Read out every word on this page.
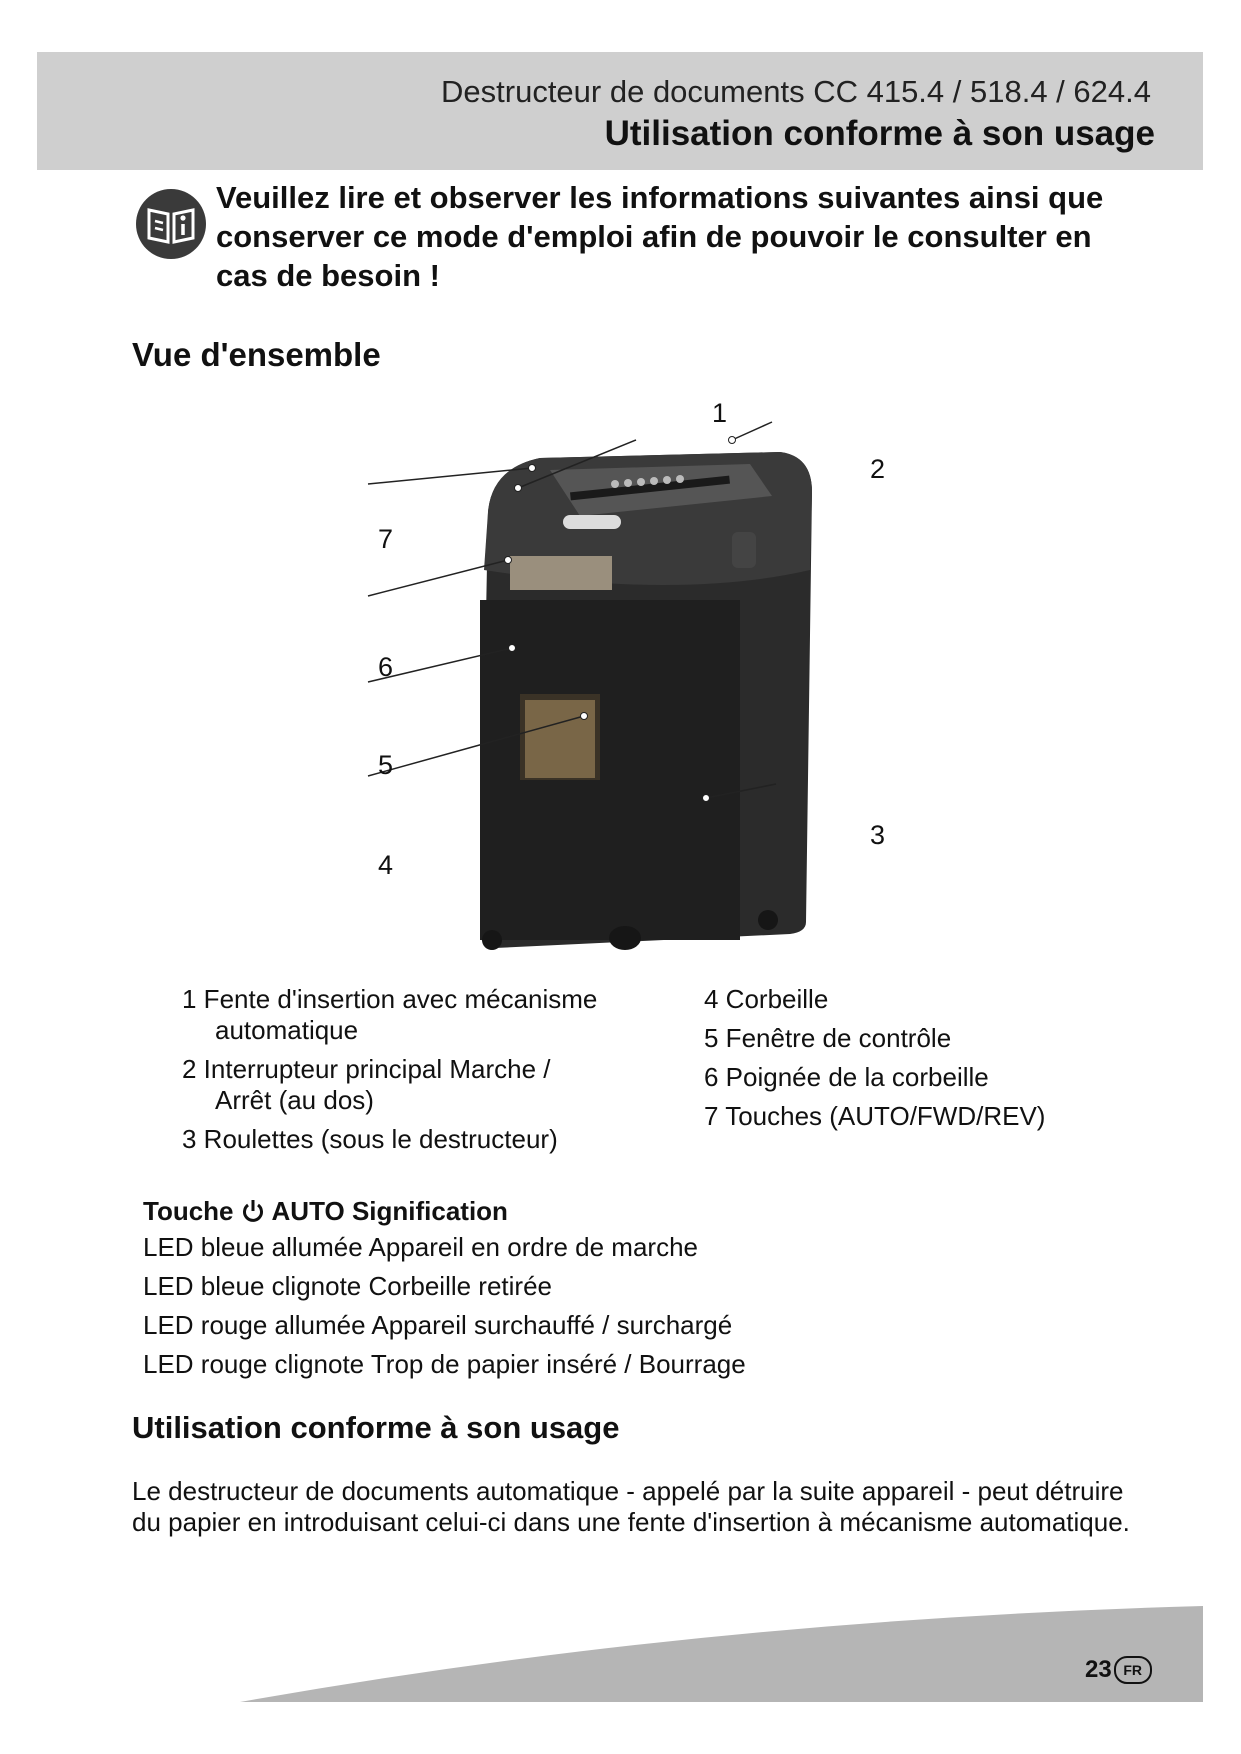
Destructeur de documents CC 415.4 / 518.4 / 624.4
Utilisation conforme à son usage
Veuillez lire et observer les informations suivantes ainsi que conserver ce mode d'emploi afin de pouvoir le consulter en cas de besoin !
Vue d'ensemble
1
2
3
4
5
6
7
1 Fente d'insertion avec mécanisme
automatique
2 Interrupteur principal Marche /
Arrêt (au dos)
3 Roulettes (sous le destructeur)
4 Corbeille
5 Fenêtre de contrôle
6 Poignée de la corbeille
7 Touches (AUTO/FWD/REV)
Touche AUTO Signification
LED bleue allumée Appareil en ordre de marche
LED bleue clignote Corbeille retirée
LED rouge allumée Appareil surchauffé / surchargé
LED rouge clignote Trop de papier inséré / Bourrage
Utilisation conforme à son usage
Le destructeur de documents automatique - appelé par la suite appareil - peut détruire du papier en introduisant celui-ci dans une fente d'insertion à mécanisme automatique.
23 FR
